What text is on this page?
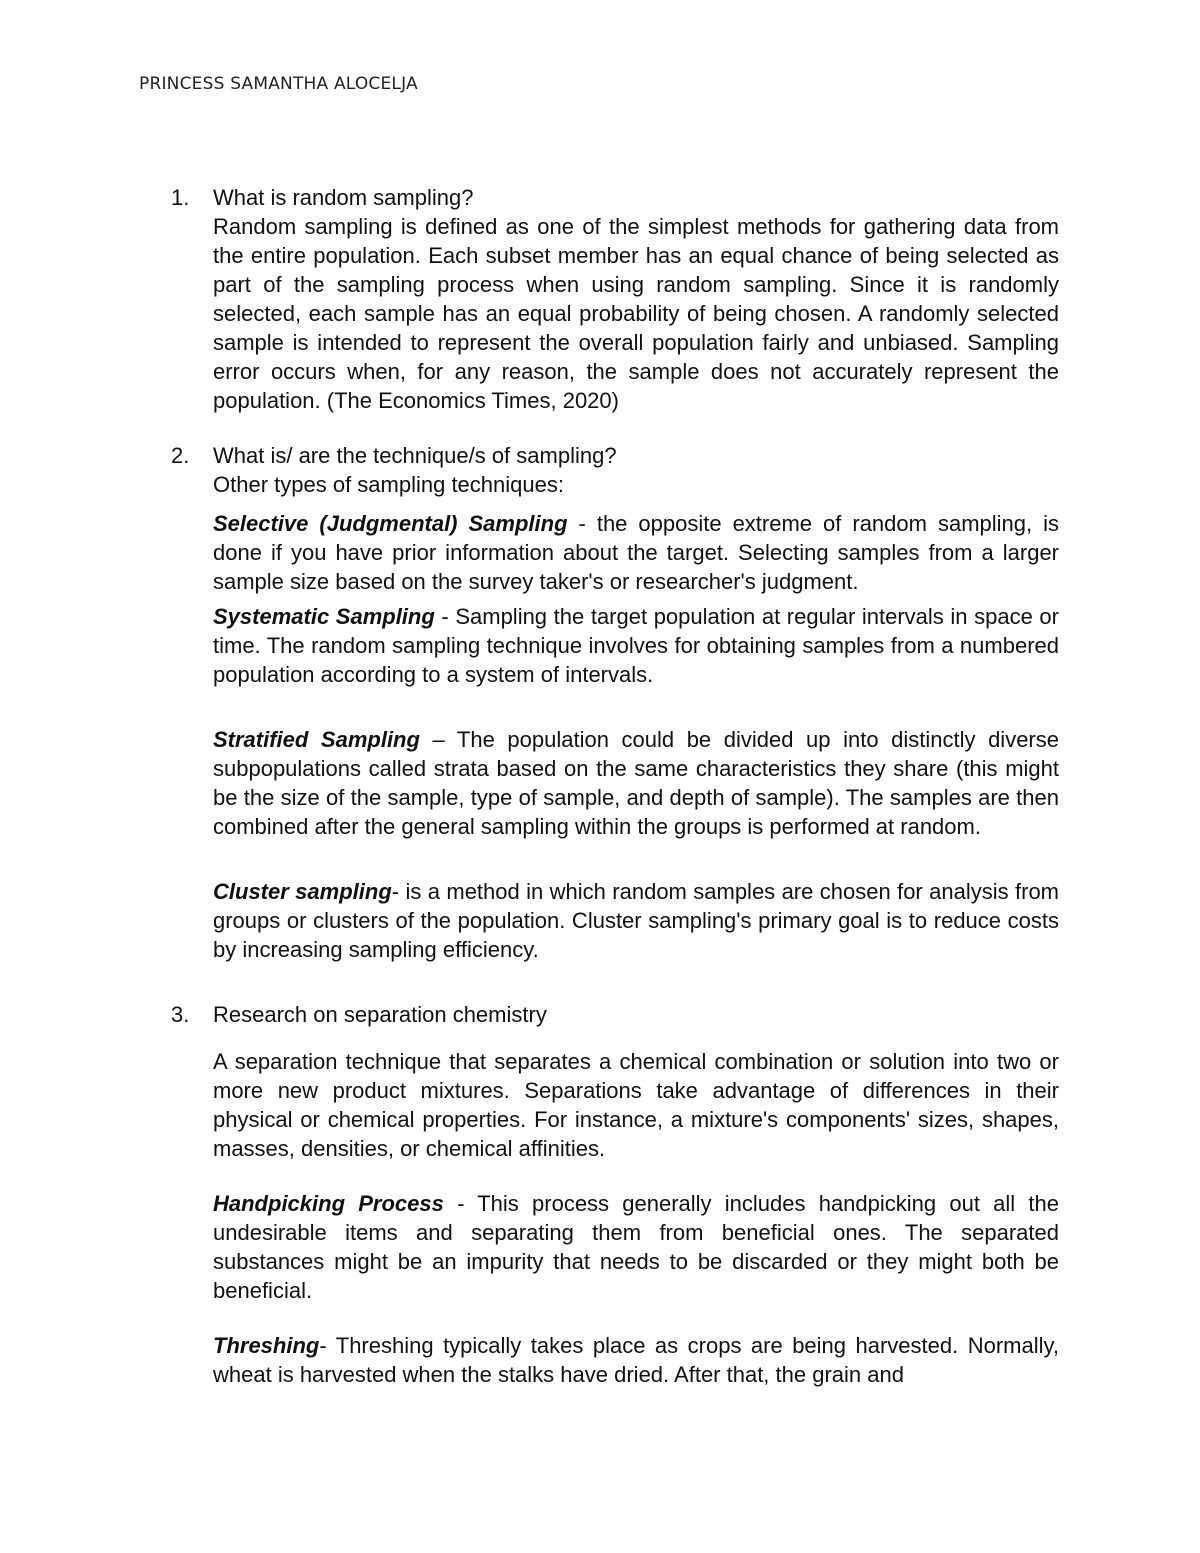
PRINCESS SAMANTHA ALOCELJA
1.	What is random sampling?

Random sampling is defined as one of the simplest methods for gathering data from the entire population. Each subset member has an equal chance of being selected as part of the sampling process when using random sampling. Since it is randomly selected, each sample has an equal probability of being chosen. A randomly selected sample is intended to represent the overall population fairly and unbiased. Sampling error occurs when, for any reason, the sample does not accurately represent the population. (The Economics Times, 2020)

2.	What is/ are the technique/s of sampling?

Other types of sampling techniques:

Selective (Judgmental) Sampling - the opposite extreme of random sampling, is done if you have prior information about the target. Selecting samples from a larger sample size based on the survey taker's or researcher's judgment.

Systematic Sampling - Sampling the target population at regular intervals in space or time. The random sampling technique involves for obtaining samples from a numbered population according to a system of intervals.

Stratified Sampling – The population could be divided up into distinctly diverse subpopulations called strata based on the same characteristics they share (this might be the size of the sample, type of sample, and depth of sample). The samples are then combined after the general sampling within the groups is performed at random.

Cluster sampling- is a method in which random samples are chosen for analysis from groups or clusters of the population. Cluster sampling's primary goal is to reduce costs by increasing sampling efficiency.

3.	Research on separation chemistry

A separation technique that separates a chemical combination or solution into two or more new product mixtures. Separations take advantage of differences in their physical or chemical properties. For instance, a mixture's components' sizes, shapes, masses, densities, or chemical affinities.

Handpicking Process - This process generally includes handpicking out all the undesirable items and separating them from beneficial ones. The separated substances might be an impurity that needs to be discarded or they might both be beneficial.

Threshing- Threshing typically takes place as crops are being harvested. Normally, wheat is harvested when the stalks have dried. After that, the grain and
